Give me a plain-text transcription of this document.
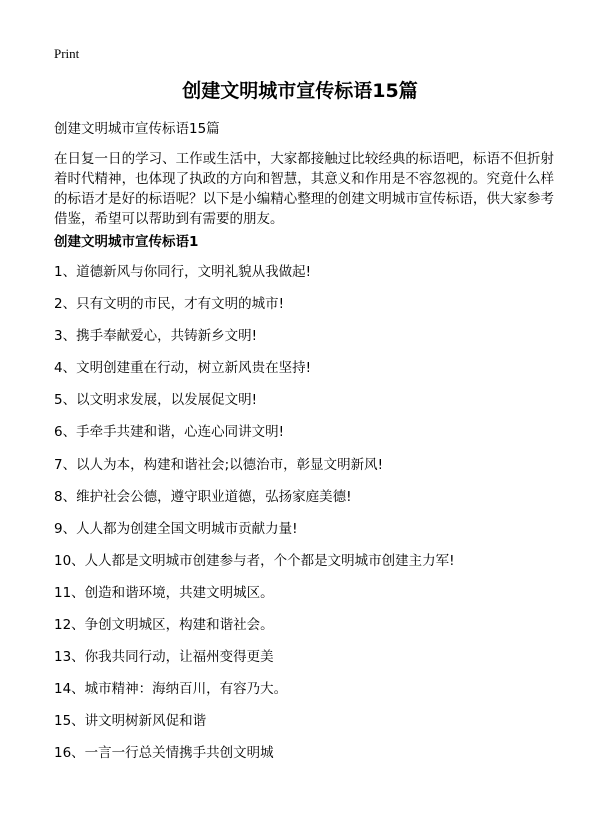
Print
创建文明城市宣传标语15篇

创建文明城市宣传标语15篇

在日复一日的学习、工作或生活中，大家都接触过比较经典的标语吧，标语不但折射着时代精神，也体现了执政的方向和智慧，其意义和作用是不容忽视的。究竟什么样的标语才是好的标语呢？以下是小编精心整理的创建文明城市宣传标语，供大家参考借鉴，希望可以帮助到有需要的朋友。

创建文明城市宣传标语1
1、道德新风与你同行，文明礼貌从我做起!
2、只有文明的市民，才有文明的城市!
3、携手奉献爱心，共铸新乡文明!
4、文明创建重在行动，树立新风贵在坚持!
5、以文明求发展，以发展促文明!
6、手牵手共建和谐，心连心同讲文明!
7、以人为本，构建和谐社会;以德治市，彰显文明新风!
8、维护社会公德，遵守职业道德，弘扬家庭美德!
9、人人都为创建全国文明城市贡献力量!
10、人人都是文明城市创建参与者，个个都是文明城市创建主力军!
11、创造和谐环境，共建文明城区。
12、争创文明城区，构建和谐社会。
13、你我共同行动，让福州变得更美
14、城市精神：海纳百川，有容乃大。
15、讲文明树新风促和谐
16、一言一行总关情携手共创文明城
